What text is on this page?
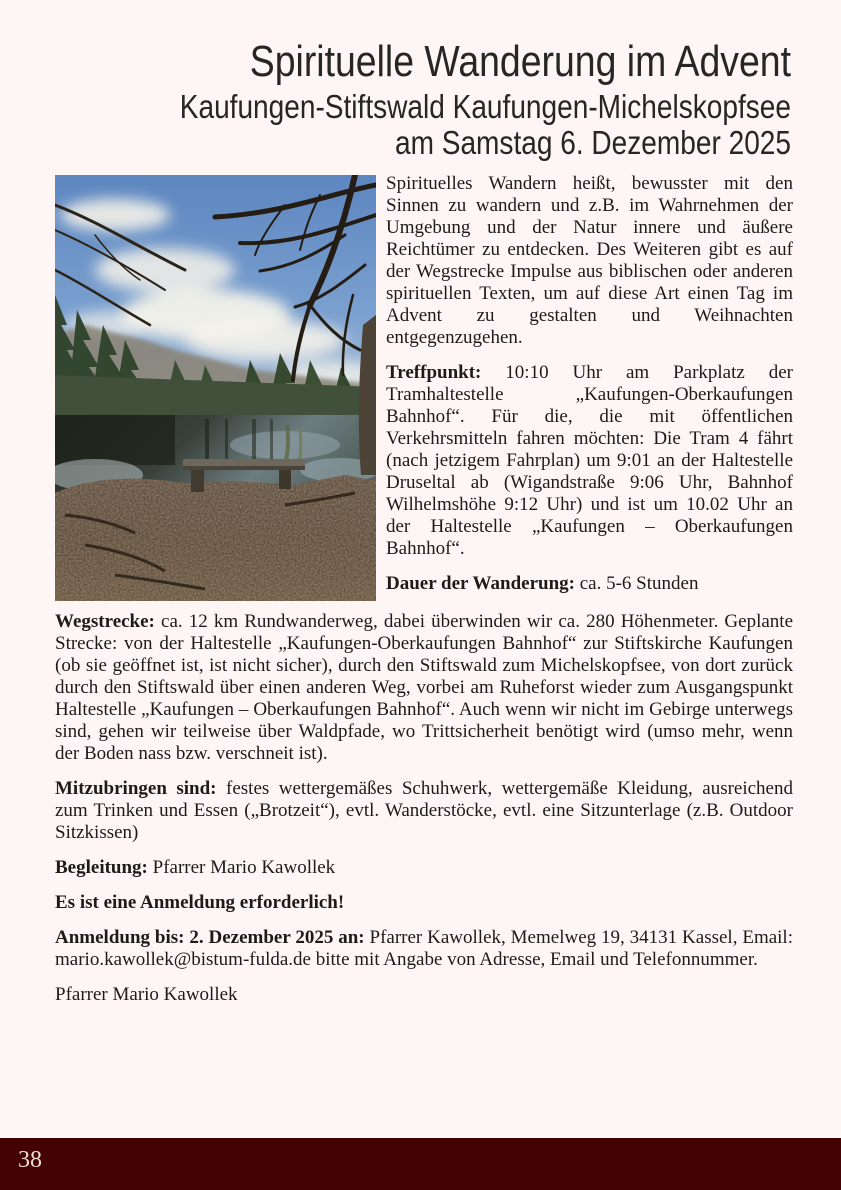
Spirituelle Wanderung im Advent
Kaufungen-Stiftswald Kaufungen-Michelskopfsee
am Samstag 6. Dezember 2025

Spirituelles Wandern heißt, bewusster mit den Sinnen zu wandern und z.B. im Wahrnehmen der Umgebung und der Natur innere und äußere Reichtümer zu entdecken. Des Weiteren gibt es auf der Wegstrecke Impulse aus biblischen oder anderen spirituellen Texten, um auf diese Art einen Tag im Advent zu gestalten und Weihnachten entgegenzugehen.

Treffpunkt: 10:10 Uhr am Parkplatz der Tramhaltestelle „Kaufungen-Oberkaufungen Bahnhof“. Für die, die mit öffentlichen Verkehrsmitteln fahren möchten: Die Tram 4 fährt (nach jetzigem Fahrplan) um 9:01 an der Haltestelle Druseltal ab (Wigandstraße 9:06 Uhr, Bahnhof Wilhelmshöhe 9:12 Uhr) und ist um 10.02 Uhr an der Haltestelle „Kaufungen – Oberkaufungen Bahnhof“.

Dauer der Wanderung: ca. 5-6 Stunden

Wegstrecke: ca. 12 km Rundwanderweg, dabei überwinden wir ca. 280 Höhenmeter. Geplante Strecke: von der Haltestelle „Kaufungen-Oberkaufungen Bahnhof“ zur Stiftskirche Kaufungen (ob sie geöffnet ist, ist nicht sicher), durch den Stiftswald zum Michelskopfsee, von dort zurück durch den Stiftswald über einen anderen Weg, vorbei am Ruheforst wieder zum Ausgangspunkt Haltestelle „Kaufungen – Oberkaufungen Bahnhof“. Auch wenn wir nicht im Gebirge unterwegs sind, gehen wir teilweise über Waldpfade, wo Trittsicherheit benötigt wird (umso mehr, wenn der Boden nass bzw. verschneit ist).

Mitzubringen sind: festes wettergemäßes Schuhwerk, wettergemäße Kleidung, ausreichend zum Trinken und Essen („Brotzeit“), evtl. Wanderstöcke, evtl. eine Sitzunterlage (z.B. Outdoor Sitzkissen)

Begleitung: Pfarrer Mario Kawollek

Es ist eine Anmeldung erforderlich!

Anmeldung bis: 2. Dezember 2025 an: Pfarrer Kawollek, Memelweg 19, 34131 Kassel, Email: mario.kawollek@bistum-fulda.de bitte mit Angabe von Adresse, Email und Telefonnummer.

Pfarrer Mario Kawollek

38
